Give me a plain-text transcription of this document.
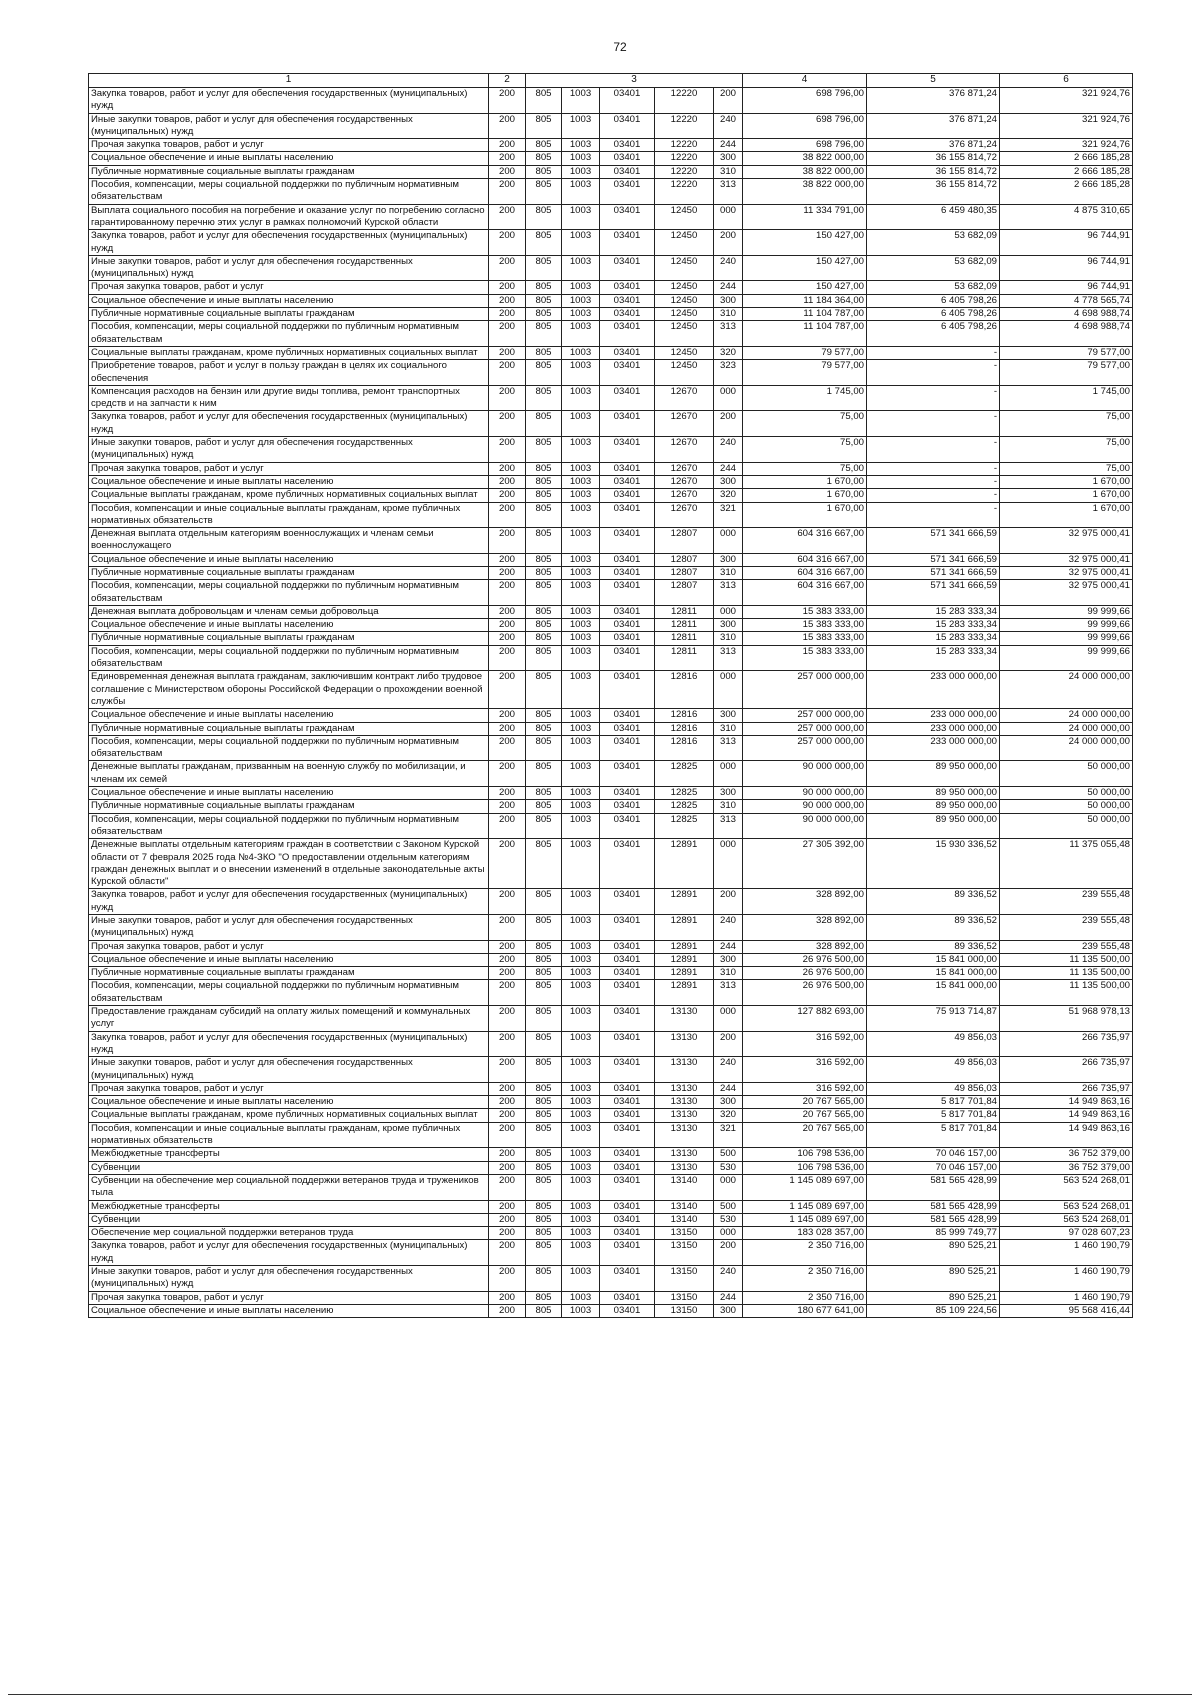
72
1	2	3					4	5	6
Закупка товаров, работ и услуг для обеспечения государственных (муниципальных) нужд	200	805	1003	03401	12220	200	698 796,00	376 871,24	321 924,76
Иные закупки товаров, работ и услуг для обеспечения государственных (муниципальных) нужд	200	805	1003	03401	12220	240	698 796,00	376 871,24	321 924,76
Прочая закупка товаров, работ и услуг	200	805	1003	03401	12220	244	698 796,00	376 871,24	321 924,76
Социальное обеспечение и иные выплаты населению	200	805	1003	03401	12220	300	38 822 000,00	36 155 814,72	2 666 185,28
Публичные нормативные социальные выплаты гражданам	200	805	1003	03401	12220	310	38 822 000,00	36 155 814,72	2 666 185,28
Пособия, компенсации, меры социальной поддержки по публичным нормативным обязательствам	200	805	1003	03401	12220	313	38 822 000,00	36 155 814,72	2 666 185,28
Выплата социального пособия на погребение и оказание услуг по погребению согласно гарантированному перечню этих услуг в рамках полномочий Курской области	200	805	1003	03401	12450	000	11 334 791,00	6 459 480,35	4 875 310,65
Закупка товаров, работ и услуг для обеспечения государственных (муниципальных) нужд	200	805	1003	03401	12450	200	150 427,00	53 682,09	96 744,91
Иные закупки товаров, работ и услуг для обеспечения государственных (муниципальных) нужд	200	805	1003	03401	12450	240	150 427,00	53 682,09	96 744,91
Прочая закупка товаров, работ и услуг	200	805	1003	03401	12450	244	150 427,00	53 682,09	96 744,91
Социальное обеспечение и иные выплаты населению	200	805	1003	03401	12450	300	11 184 364,00	6 405 798,26	4 778 565,74
Публичные нормативные социальные выплаты гражданам	200	805	1003	03401	12450	310	11 104 787,00	6 405 798,26	4 698 988,74
Пособия, компенсации, меры социальной поддержки по публичным нормативным обязательствам	200	805	1003	03401	12450	313	11 104 787,00	6 405 798,26	4 698 988,74
Социальные выплаты гражданам, кроме публичных нормативных социальных выплат	200	805	1003	03401	12450	320	79 577,00	-	79 577,00
Приобретение товаров, работ и услуг в пользу граждан в целях их социального обеспечения	200	805	1003	03401	12450	323	79 577,00	-	79 577,00
Компенсация расходов на бензин или другие виды топлива, ремонт транспортных средств и на запчасти к ним	200	805	1003	03401	12670	000	1 745,00	-	1 745,00
Закупка товаров, работ и услуг для обеспечения государственных (муниципальных) нужд	200	805	1003	03401	12670	200	75,00	-	75,00
Иные закупки товаров, работ и услуг для обеспечения государственных (муниципальных) нужд	200	805	1003	03401	12670	240	75,00	-	75,00
Прочая закупка товаров, работ и услуг	200	805	1003	03401	12670	244	75,00	-	75,00
Социальное обеспечение и иные выплаты населению	200	805	1003	03401	12670	300	1 670,00	-	1 670,00
Социальные выплаты гражданам, кроме публичных нормативных социальных выплат	200	805	1003	03401	12670	320	1 670,00	-	1 670,00
Пособия, компенсации и иные социальные выплаты гражданам, кроме публичных нормативных обязательств	200	805	1003	03401	12670	321	1 670,00	-	1 670,00
Денежная выплата отдельным категориям военнослужащих и членам семьи военнослужащего	200	805	1003	03401	12807	000	604 316 667,00	571 341 666,59	32 975 000,41
Социальное обеспечение и иные выплаты населению	200	805	1003	03401	12807	300	604 316 667,00	571 341 666,59	32 975 000,41
Публичные нормативные социальные выплаты гражданам	200	805	1003	03401	12807	310	604 316 667,00	571 341 666,59	32 975 000,41
Пособия, компенсации, меры социальной поддержки по публичным нормативным обязательствам	200	805	1003	03401	12807	313	604 316 667,00	571 341 666,59	32 975 000,41
Денежная выплата добровольцам и членам семьи добровольца	200	805	1003	03401	12811	000	15 383 333,00	15 283 333,34	99 999,66
Социальное обеспечение и иные выплаты населению	200	805	1003	03401	12811	300	15 383 333,00	15 283 333,34	99 999,66
Публичные нормативные социальные выплаты гражданам	200	805	1003	03401	12811	310	15 383 333,00	15 283 333,34	99 999,66
Пособия, компенсации, меры социальной поддержки по публичным нормативным обязательствам	200	805	1003	03401	12811	313	15 383 333,00	15 283 333,34	99 999,66
Единовременная денежная выплата гражданам, заключившим контракт либо трудовое соглашение с Министерством обороны Российской Федерации о прохождении военной службы	200	805	1003	03401	12816	000	257 000 000,00	233 000 000,00	24 000 000,00
Социальное обеспечение и иные выплаты населению	200	805	1003	03401	12816	300	257 000 000,00	233 000 000,00	24 000 000,00
Публичные нормативные социальные выплаты гражданам	200	805	1003	03401	12816	310	257 000 000,00	233 000 000,00	24 000 000,00
Пособия, компенсации, меры социальной поддержки по публичным нормативным обязательствам	200	805	1003	03401	12816	313	257 000 000,00	233 000 000,00	24 000 000,00
Денежные выплаты гражданам, призванным на военную службу по мобилизации, и членам их семей	200	805	1003	03401	12825	000	90 000 000,00	89 950 000,00	50 000,00
Социальное обеспечение и иные выплаты населению	200	805	1003	03401	12825	300	90 000 000,00	89 950 000,00	50 000,00
Публичные нормативные социальные выплаты гражданам	200	805	1003	03401	12825	310	90 000 000,00	89 950 000,00	50 000,00
Пособия, компенсации, меры социальной поддержки по публичным нормативным обязательствам	200	805	1003	03401	12825	313	90 000 000,00	89 950 000,00	50 000,00
Денежные выплаты отдельным категориям граждан в соответствии с Законом Курской области от 7 февраля 2025 года №4-ЗКО "О предоставлении отдельным категориям граждан денежных выплат и о внесении изменений в отдельные законодательные акты Курской области"	200	805	1003	03401	12891	000	27 305 392,00	15 930 336,52	11 375 055,48
Закупка товаров, работ и услуг для обеспечения государственных (муниципальных) нужд	200	805	1003	03401	12891	200	328 892,00	89 336,52	239 555,48
Иные закупки товаров, работ и услуг для обеспечения государственных (муниципальных) нужд	200	805	1003	03401	12891	240	328 892,00	89 336,52	239 555,48
Прочая закупка товаров, работ и услуг	200	805	1003	03401	12891	244	328 892,00	89 336,52	239 555,48
Социальное обеспечение и иные выплаты населению	200	805	1003	03401	12891	300	26 976 500,00	15 841 000,00	11 135 500,00
Публичные нормативные социальные выплаты гражданам	200	805	1003	03401	12891	310	26 976 500,00	15 841 000,00	11 135 500,00
Пособия, компенсации, меры социальной поддержки по публичным нормативным обязательствам	200	805	1003	03401	12891	313	26 976 500,00	15 841 000,00	11 135 500,00
Предоставление гражданам субсидий на оплату жилых помещений и коммунальных услуг	200	805	1003	03401	13130	000	127 882 693,00	75 913 714,87	51 968 978,13
Закупка товаров, работ и услуг для обеспечения государственных (муниципальных) нужд	200	805	1003	03401	13130	200	316 592,00	49 856,03	266 735,97
Иные закупки товаров, работ и услуг для обеспечения государственных (муниципальных) нужд	200	805	1003	03401	13130	240	316 592,00	49 856,03	266 735,97
Прочая закупка товаров, работ и услуг	200	805	1003	03401	13130	244	316 592,00	49 856,03	266 735,97
Социальное обеспечение и иные выплаты населению	200	805	1003	03401	13130	300	20 767 565,00	5 817 701,84	14 949 863,16
Социальные выплаты гражданам, кроме публичных нормативных социальных выплат	200	805	1003	03401	13130	320	20 767 565,00	5 817 701,84	14 949 863,16
Пособия, компенсации и иные социальные выплаты гражданам, кроме публичных нормативных обязательств	200	805	1003	03401	13130	321	20 767 565,00	5 817 701,84	14 949 863,16
Межбюджетные трансферты	200	805	1003	03401	13130	500	106 798 536,00	70 046 157,00	36 752 379,00
Субвенции	200	805	1003	03401	13130	530	106 798 536,00	70 046 157,00	36 752 379,00
Субвенции на обеспечение мер социальной поддержки ветеранов труда и тружеников тыла	200	805	1003	03401	13140	000	1 145 089 697,00	581 565 428,99	563 524 268,01
Межбюджетные трансферты	200	805	1003	03401	13140	500	1 145 089 697,00	581 565 428,99	563 524 268,01
Субвенции	200	805	1003	03401	13140	530	1 145 089 697,00	581 565 428,99	563 524 268,01
Обеспечение мер социальной поддержки ветеранов труда	200	805	1003	03401	13150	000	183 028 357,00	85 999 749,77	97 028 607,23
Закупка товаров, работ и услуг для обеспечения государственных (муниципальных) нужд	200	805	1003	03401	13150	200	2 350 716,00	890 525,21	1 460 190,79
Иные закупки товаров, работ и услуг для обеспечения государственных (муниципальных) нужд	200	805	1003	03401	13150	240	2 350 716,00	890 525,21	1 460 190,79
Прочая закупка товаров, работ и услуг	200	805	1003	03401	13150	244	2 350 716,00	890 525,21	1 460 190,79
Социальное обеспечение и иные выплаты населению	200	805	1003	03401	13150	300	180 677 641,00	85 109 224,56	95 568 416,44
